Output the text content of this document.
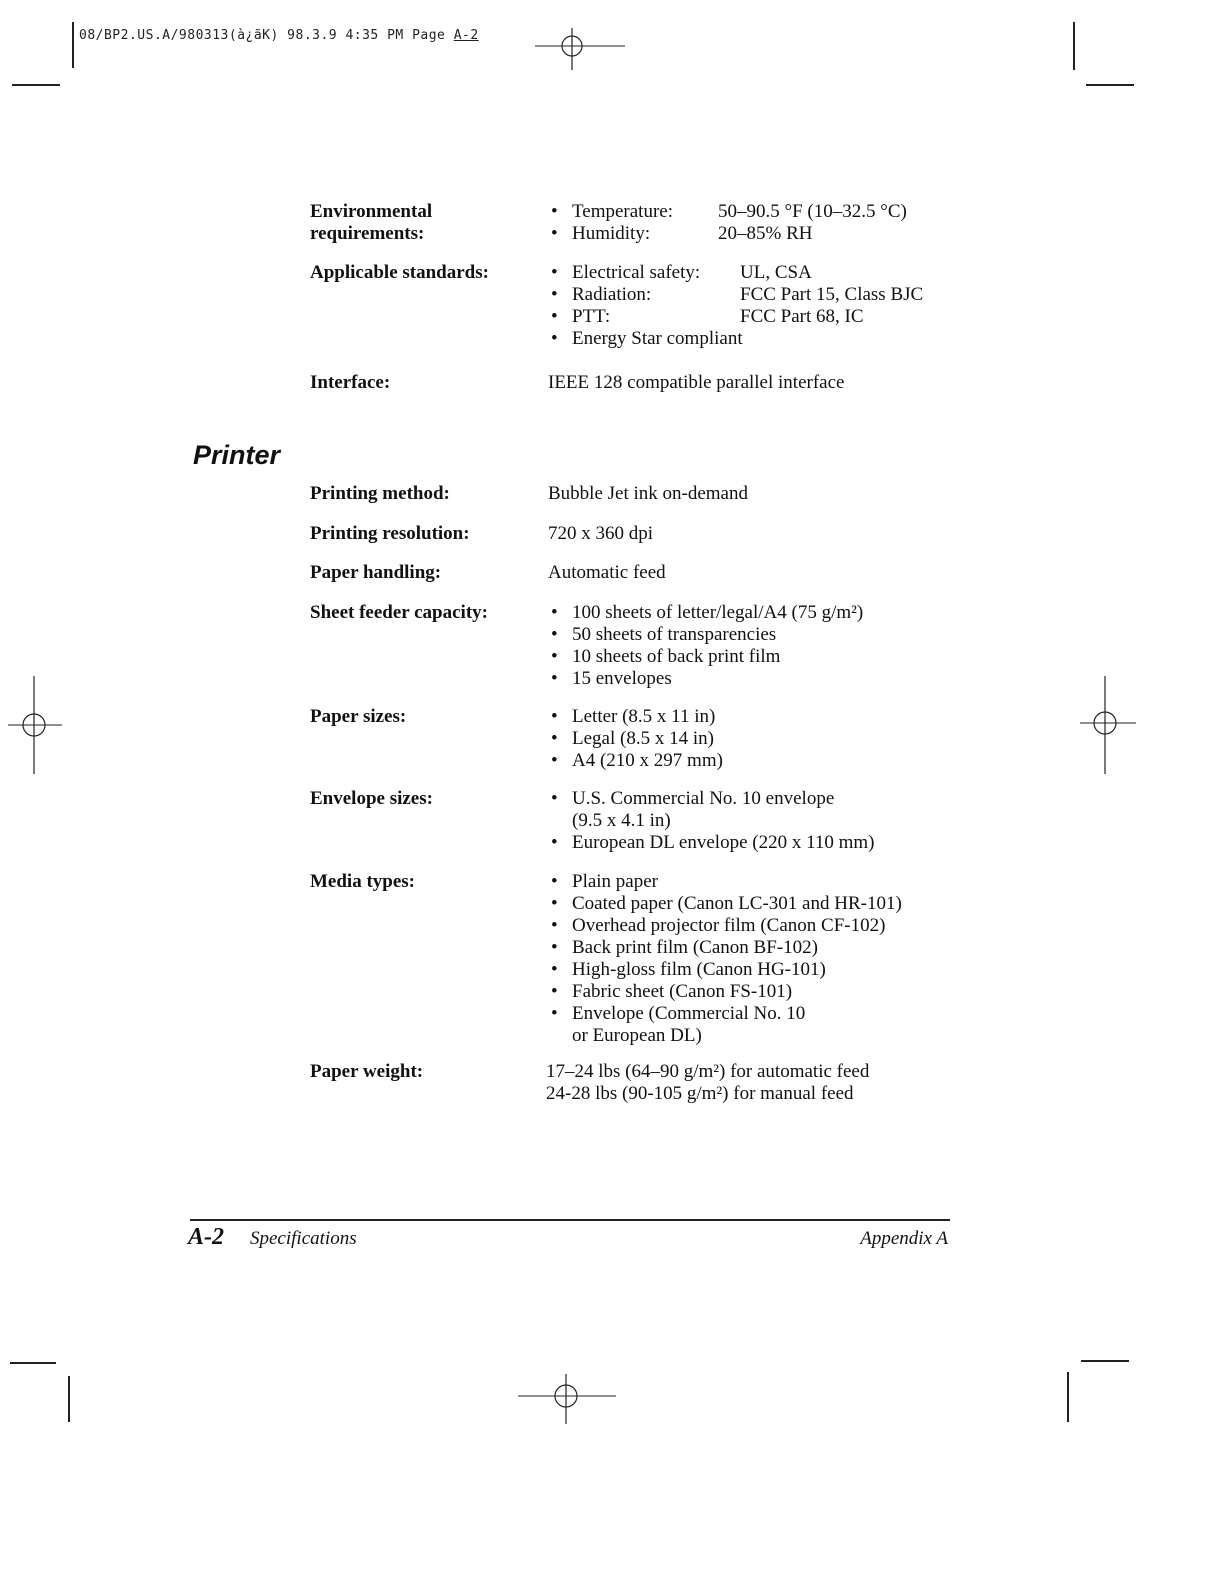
08/BP2.US.A/980313(à¿ãK) 98.3.9 4:35 PM Page A-2
Environmental requirements:
• Temperature:	50–90.5 °F (10–32.5 °C)
• Humidity:	20–85% RH
Applicable standards:	• Electrical safety:	UL, CSA
• Radiation:	FCC Part 15, Class BJC
• PTT:	FCC Part 68, IC
• Energy Star compliant
Interface:	IEEE 128 compatible parallel interface
Printer
Printing method:	Bubble Jet ink on-demand
Printing resolution:	720 x 360 dpi
Paper handling:	Automatic feed
Sheet feeder capacity:	• 100 sheets of letter/legal/A4 (75 g/m²)
• 50 sheets of transparencies
• 10 sheets of back print film
• 15 envelopes
Paper sizes:	• Letter (8.5 x 11 in)
• Legal (8.5 x 14 in)
• A4 (210 x 297 mm)
Envelope sizes:	• U.S. Commercial No. 10 envelope
(9.5 x 4.1 in)
• European DL envelope (220 x 110 mm)
Media types:	• Plain paper
• Coated paper (Canon LC-301 and HR-101)
• Overhead projector film (Canon CF-102)
• Back print film (Canon BF-102)
• High-gloss film (Canon HG-101)
• Fabric sheet (Canon FS-101)
• Envelope (Commercial No. 10
or European DL)
Paper weight:	17–24 lbs (64–90 g/m²) for automatic feed
24-28 lbs (90-105 g/m²) for manual feed
A-2 Specifications	Appendix A
